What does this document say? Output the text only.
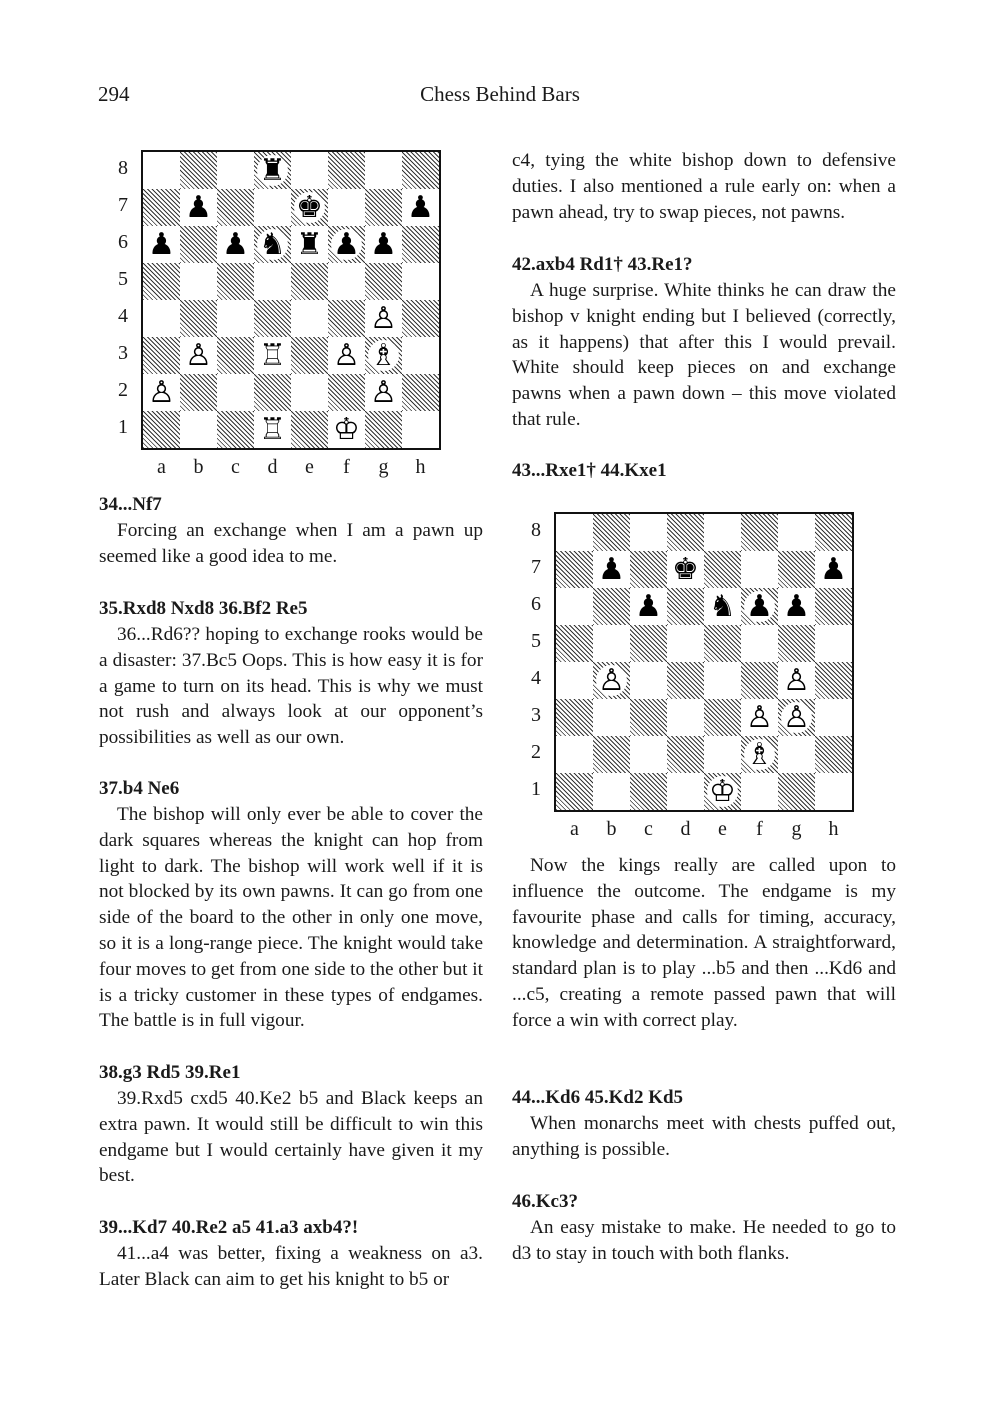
294	Chess Behind Bars
♜
♟	♚	♟
♟ ♟ ♞ ♜ ♟ ♟
♙
♙ ♖ ♙ ♗
♙	♙
♖ ♔
8
7
6
5
4
3
2
1
a	b	c	d	e	f	g	h

34...Nf7

Forcing an exchange when I am a pawn up seemed like a good idea to me.

35.Rxd8 Nxd8 36.Bf2 Re5

36...Rd6?? hoping to exchange rooks would be a disaster: 37.Bc5 Oops. This is how easy it is for a game to turn on its head. This is why we must not rush and always look at our opponent’s possibilities as well as our own.

37.b4 Ne6

The bishop will only ever be able to cover the dark squares whereas the knight can hop from light to dark. The bishop will work well if it is not blocked by its own pawns. It can go from one side of the board to the other in only one move, so it is a long-range piece. The knight would take four moves to get from one side to the other but it is a tricky customer in these types of endgames. The battle is in full vigour.

38.g3 Rd5 39.Re1

39.Rxd5 cxd5 40.Ke2 b5 and Black keeps an extra pawn. It would still be difficult to win this endgame but I would certainly have given it my best.

39...Kd7 40.Re2 a5 41.a3 axb4?!

41...a4 was better, fixing a weakness on a3. Later Black can aim to get his knight to b5 or

c4, tying the white bishop down to defensive duties. I also mentioned a rule early on: when a pawn ahead, try to swap pieces, not pawns.

42.axb4 Rd1† 43.Re1?

A huge surprise. White thinks he can draw the bishop v knight ending but I believed (correctly, as it happens) that after this I would prevail. White should keep pieces on and exchange pawns when a pawn down – this move violated that rule.

43...Rxe1† 44.Kxe1

Now the kings really are called upon to influence the outcome. The endgame is my favourite phase and calls for timing, accuracy, knowledge and determination. A straightforward, standard plan is to play ...b5 and then ...Kd6 and ...c5, creating a remote passed pawn that will force a win with correct play.

44...Kd6 45.Kd2 Kd5

When monarchs meet with chests puffed out, anything is possible.

46.Kc3?

An easy mistake to make. He needed to go to d3 to stay in touch with both flanks.

♟ ♚	♟
♟ ♞ ♟ ♟
♙	♙
♙ ♙
♗
♔
8
7
6
5
4
3
2
1
a	b	c	d	e	f	g	h
